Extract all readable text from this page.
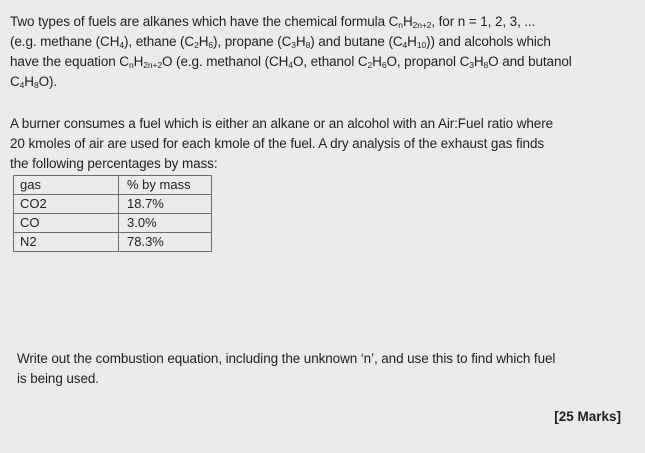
Two types of fuels are alkanes which have the chemical formula $C_nH_{2n+2}$, for n = 1, 2, 3, ...
(e.g. methane $(CH_4)$, ethane $(C_2H_6)$, propane $(C_3H_8)$ and butane $(C_4H_{10})$) and alcohols which
have the equation $C_nH_{2n+2}O$ (e.g. methanol ($CH_4O$, ethanol $C_2H_6O$, propanol $C_3H_8O$ and butanol
$C_4H_8O$).

A burner consumes a fuel which is either an alkane or an alcohol with an Air:Fuel ratio where
20 kmoles of air are used for each kmole of the fuel. A dry analysis of the exhaust gas finds
the following percentages by mass:

gas	% by mass
CO2	18.7%
CO	3.0%
N2	78.3%

Write out the combustion equation, including the unknown ‘n’, and use this to find which fuel
is being used.

[25 Marks]
